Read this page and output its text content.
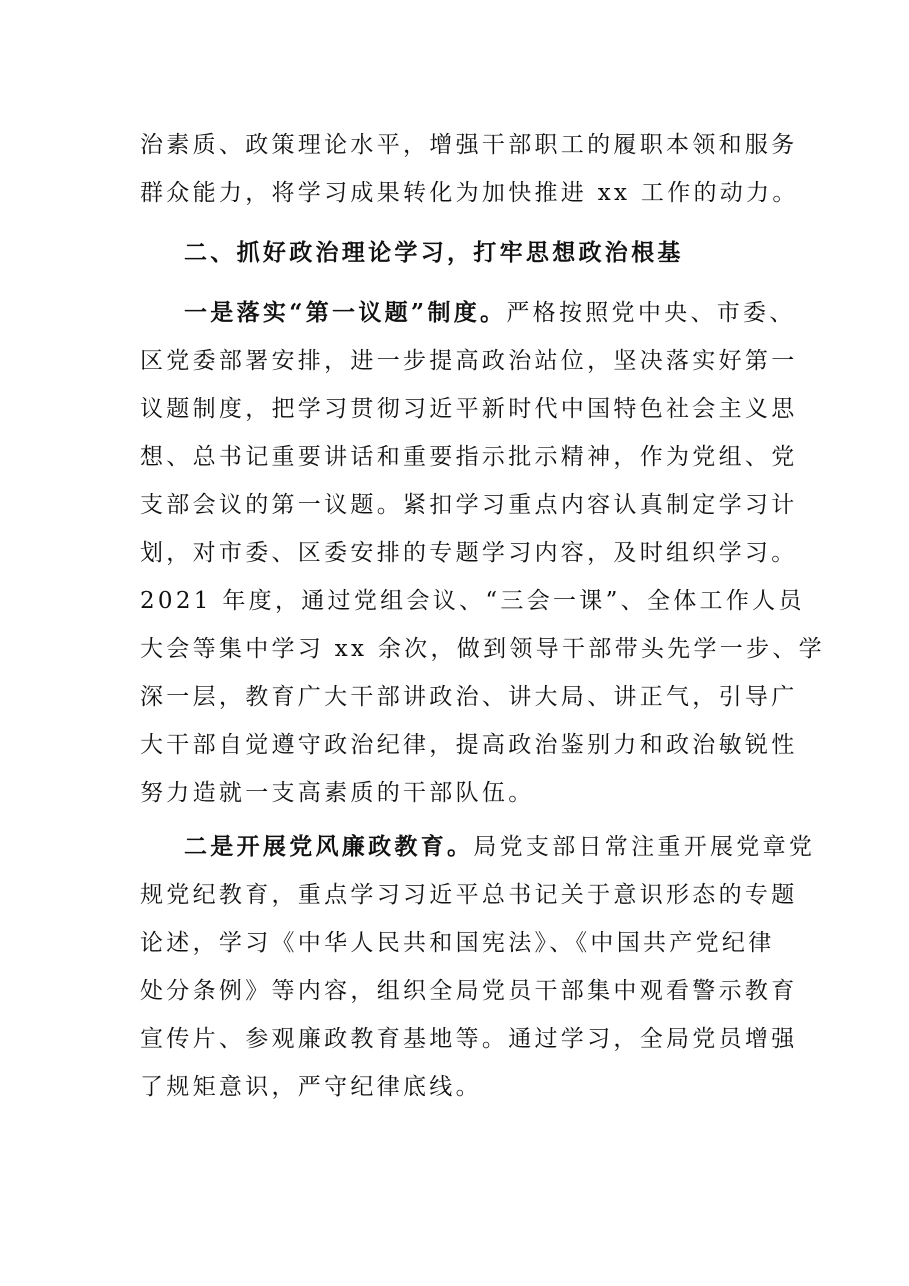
治素质、政策理论水平，增强干部职工的履职本领和服务
群众能力，将学习成果转化为加快推进 xx 工作的动力。
二、抓好政治理论学习，打牢思想政治根基
一是落实“第一议题”制度。严格按照党中央、市委、
区党委部署安排，进一步提高政治站位，坚决落实好第一
议题制度，把学习贯彻习近平新时代中国特色社会主义思
想、总书记重要讲话和重要指示批示精神，作为党组、党
支部会议的第一议题。紧扣学习重点内容认真制定学习计
划，对市委、区委安排的专题学习内容，及时组织学习。
2021 年度，通过党组会议、“三会一课”、全体工作人员
大会等集中学习 xx 余次，做到领导干部带头先学一步、学
深一层，教育广大干部讲政治、讲大局、讲正气，引导广
大干部自觉遵守政治纪律，提高政治鉴别力和政治敏锐性
努力造就一支高素质的干部队伍。
二是开展党风廉政教育。局党支部日常注重开展党章党
规党纪教育，重点学习习近平总书记关于意识形态的专题
论述，学习《中华人民共和国宪法》、《中国共产党纪律
处分条例》等内容，组织全局党员干部集中观看警示教育
宣传片、参观廉政教育基地等。通过学习，全局党员增强
了规矩意识，严守纪律底线。
